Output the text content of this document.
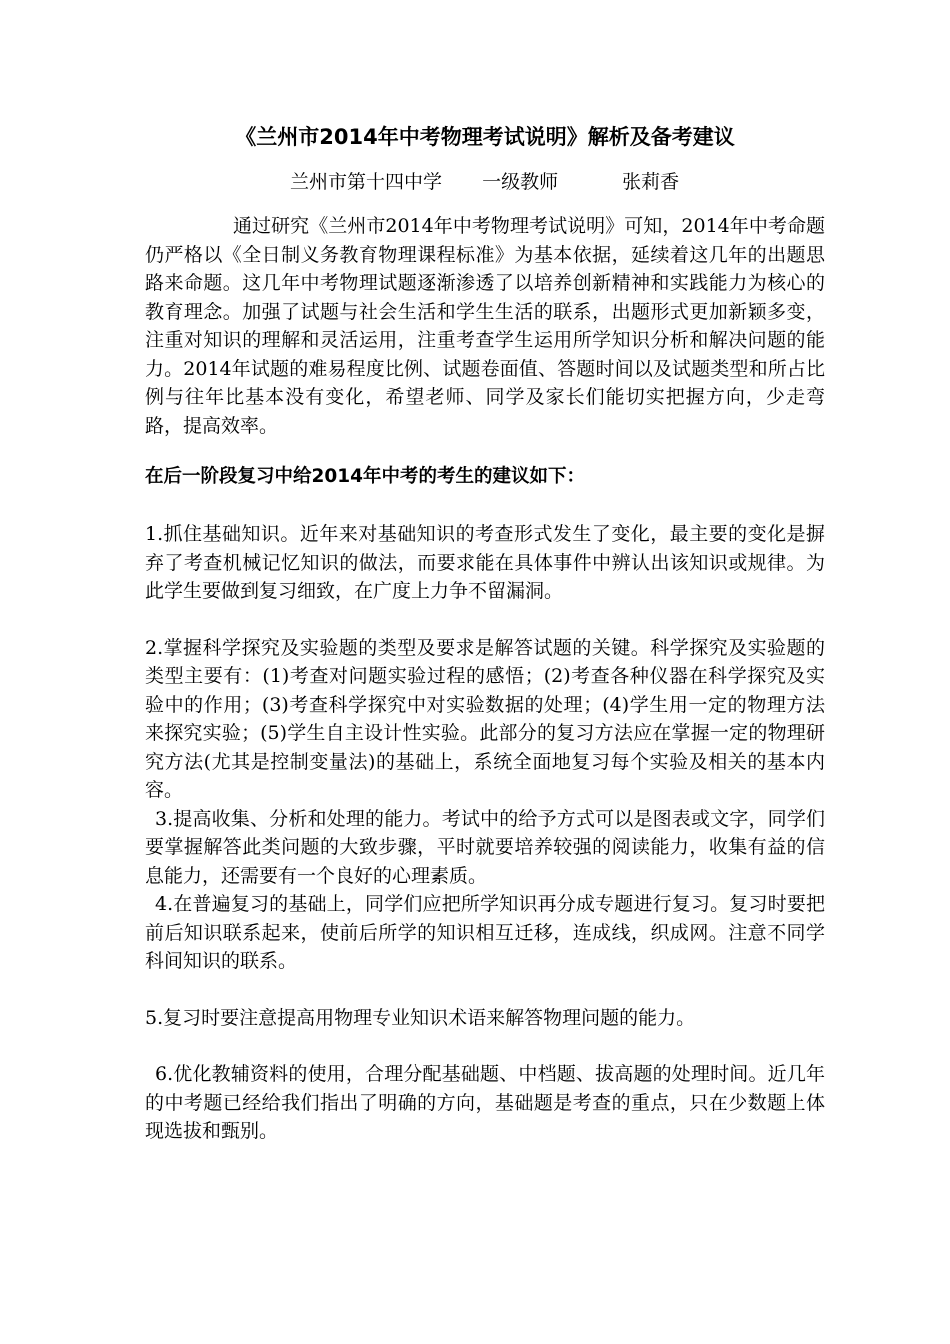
《兰州市2014年中考物理考试说明》解析及备考建议
兰州市第十四中学 一级教师	张莉香

通过研究《兰州市2014年中考物理考试说明》可知，2014年中考命题仍严格以《全日制义务教育物理课程标准》为基本依据，延续着这几年的出题思路来命题。这几年中考物理试题逐渐渗透了以培养创新精神和实践能力为核心的教育理念。加强了试题与社会生活和学生生活的联系，出题形式更加新颖多变，注重对知识的理解和灵活运用，注重考查学生运用所学知识分析和解决问题的能力。2014年试题的难易程度比例、试题卷面值、答题时间以及试题类型和所占比例与往年比基本没有变化，希望老师、同学及家长们能切实把握方向，少走弯路，提高效率。

在后一阶段复习中给2014年中考的考生的建议如下：

1.抓住基础知识。近年来对基础知识的考查形式发生了变化，最主要的变化是摒弃了考查机械记忆知识的做法，而要求能在具体事件中辨认出该知识或规律。为此学生要做到复习细致，在广度上力争不留漏洞。

2.掌握科学探究及实验题的类型及要求是解答试题的关键。科学探究及实验题的类型主要有：(1)考查对问题实验过程的感悟；(2)考查各种仪器在科学探究及实验中的作用；(3)考查科学探究中对实验数据的处理；(4)学生用一定的物理方法来探究实验；(5)学生自主设计性实验。此部分的复习方法应在掌握一定的物理研究方法(尤其是控制变量法)的基础上，系统全面地复习每个实验及相关的基本内容。

3.提高收集、分析和处理的能力。考试中的给予方式可以是图表或文字，同学们要掌握解答此类问题的大致步骤，平时就要培养较强的阅读能力，收集有益的信息能力，还需要有一个良好的心理素质。

4.在普遍复习的基础上，同学们应把所学知识再分成专题进行复习。复习时要把前后知识联系起来，使前后所学的知识相互迁移，连成线，织成网。注意不同学科间知识的联系。

5.复习时要注意提高用物理专业知识术语来解答物理问题的能力。

6.优化教辅资料的使用，合理分配基础题、中档题、拔高题的处理时间。近几年的中考题已经给我们指出了明确的方向，基础题是考查的重点，只在少数题上体现选拔和甄别。
